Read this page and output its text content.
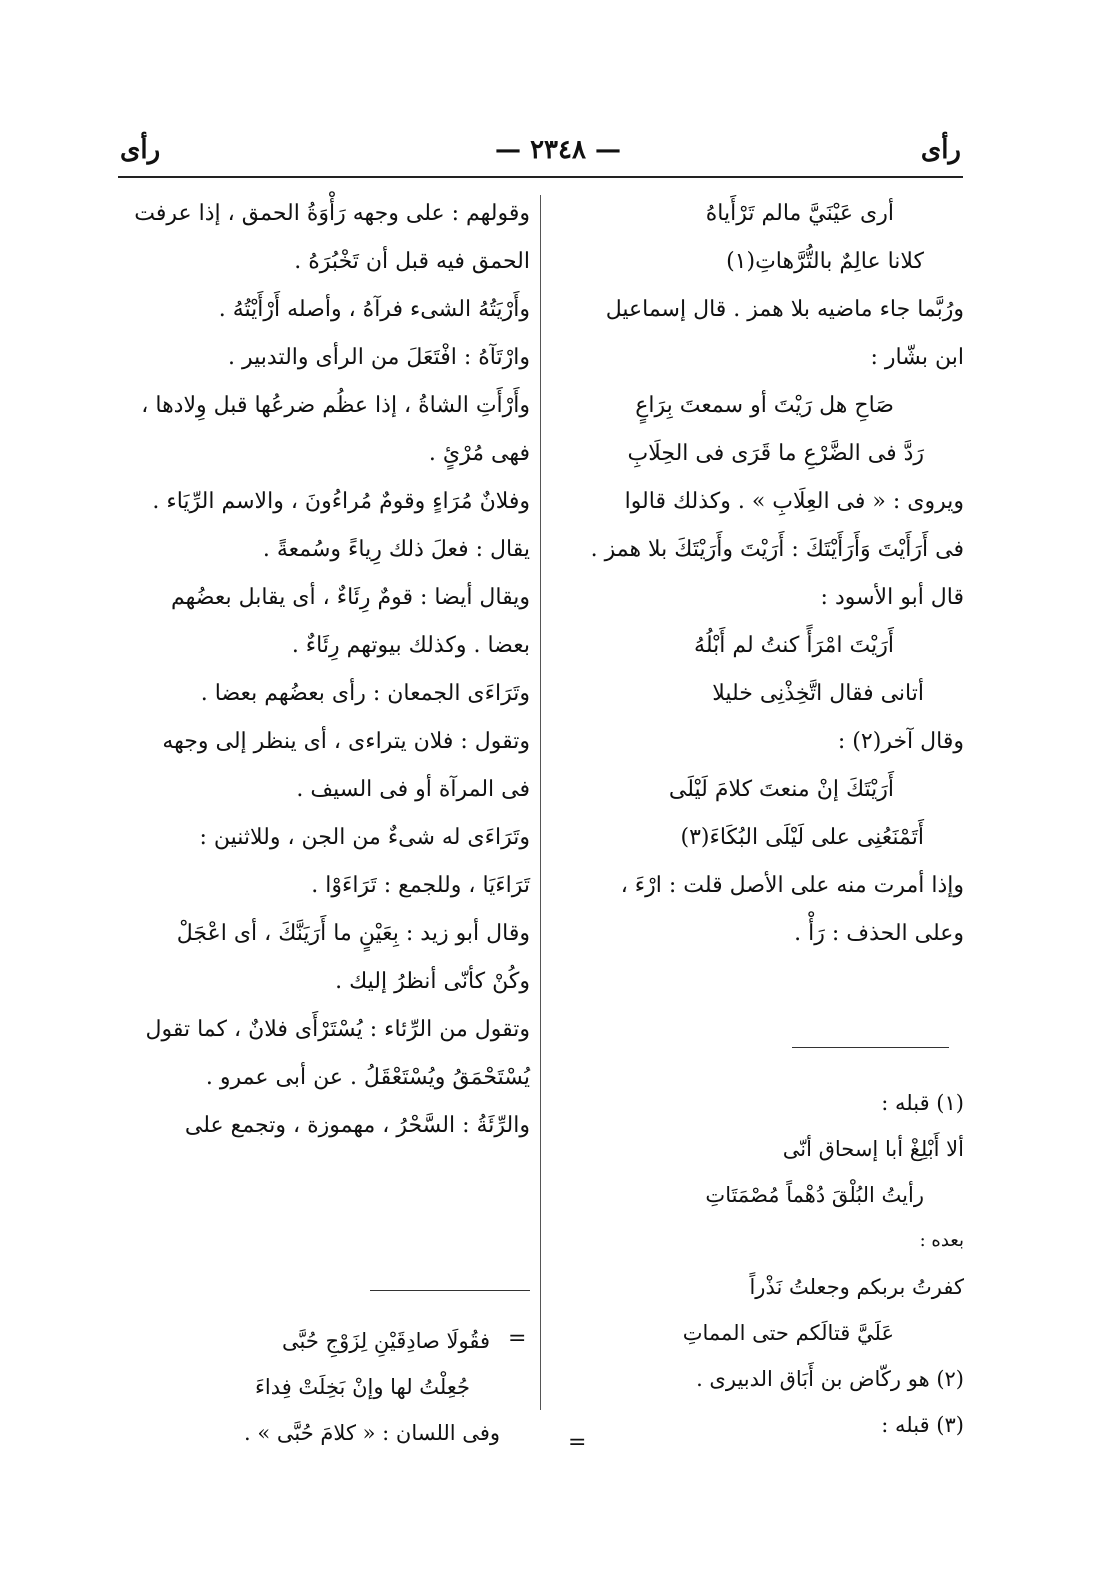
رأى
— ٢٣٤٨ —
رأى
أرى عَيْنَيَّ مالم تَرْأَياهُ
كلانا عالِمٌ بالتُّرَّهاتِ(١)
ورُبَّما جاء ماضيه بلا همز . قال إسماعيل
ابن بشّار :
صَاحِ هل رَيْتَ أو سمعتَ بِرَاعٍ
رَدَّ فى الضَّرْعِ ما قَرَى فى الحِلَابِ
ويروى : « فى العِلَابِ » . وكذلك قالوا
فى أَرَأَيْتَ وَأَرَأَيْتَكَ : أَرَيْتَ وأَرَيْتَكَ بلا همز .
قال أبو الأسود :
أَرَيْتَ امْرَأً كنتُ لم أَبْلُهُ
أتانى فقال اتَّخِذْنِى خليلا
وقال آخر(٢) :
أَرَيْتَكَ إنْ منعتَ كلامَ لَيْلَى
أَتَمْنَعُنِى على لَيْلَى البُكَاءَ(٣)
وإذا أمرت منه على الأصل قلت : ارْءَ ،
وعلى الحذف : رَأْ .
وقولهم : على وجهه رَأْوَةُ الحمق ، إذا عرفت
الحمق فيه قبل أن تَخْبُرَهُ .
وأَرْيَتُهُ الشىء فرآهُ ، وأصله أَرْأَيْتُهُ .
وارْتَآهُ : افْتَعَلَ من الرأى والتدبير .
وأَرْأَتِ الشاةُ ، إذا عظُم ضرعُها قبل وِلادها ،
فهى مُرْئٍ .
وفلانٌ مُرَاءٍ وقومٌ مُراءُونَ ، والاسم الرِّيَاء .
يقال : فعلَ ذلك رِياءً وسُمعةً .
ويقال أيضا : قومٌ رِئَاءٌ ، أى يقابل بعضُهم
بعضا . وكذلك بيوتهم رِئَاءٌ .
وتَرَاءَى الجمعان : رأى بعضُهم بعضا .
وتقول : فلان يتراءى ، أى ينظر إلى وجهه
فى المرآة أو فى السيف .
وتَرَاءَى له شىءٌ من الجن ، وللاثنين :
تَرَاءَيَا ، وللجمع : تَرَاءَوْا .
وقال أبو زيد : بِعَيْنٍ ما أَرَيَنَّكَ ، أى اعْجَلْ
وكُنْ كأنّى أنظرُ إليك .
وتقول من الرِّئاء : يُسْتَرْأَى فلانٌ ، كما تقول
يُسْتَحْمَقُ ويُسْتَعْقَلُ . عن أبى عمرو .
والرِّئَةُ : السَّحْرُ ، مهموزة ، وتجمع على
(١) قبله :
ألا أَبْلِغْ أبا إسحاق أنّى
رأيتُ البُلْقَ دُهْماً مُصْمَتَاتِ
بعده :
كفرتُ بربكم وجعلتُ نَذْراً
عَلَيَّ قتالَكم حتى المماتِ
(٢) هو ركّاض بن أَبَاق الدبيرى .
(٣) قبله :
فقُولَا صادِقَيْنِ لِزَوْجِ حُبَّى
جُعِلْتُ لها وإنْ بَخِلَتْ فِداءَ
وفى اللسان : « كلامَ حُبَّى » .
=
=
